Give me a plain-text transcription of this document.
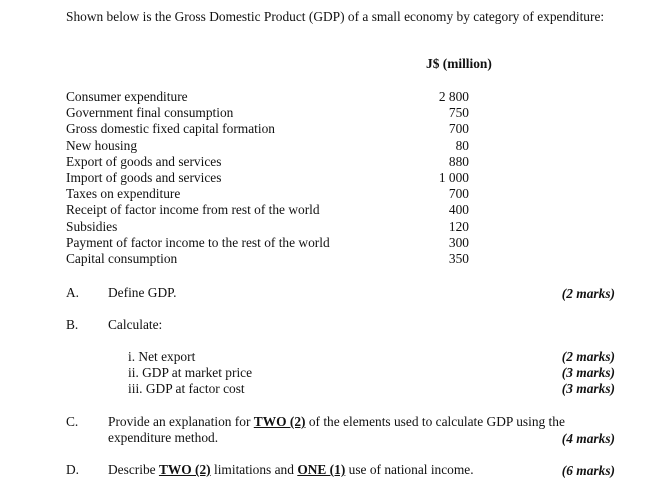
Shown below is the Gross Domestic Product (GDP) of a small economy by category of expenditure:
J$ (million)
Consumer expenditure	2 800
Government final consumption	750
Gross domestic fixed capital formation	700
New housing	80
Export of goods and services	880
Import of goods and services	1 000
Taxes on expenditure	700
Receipt of factor income from rest of the world	400
Subsidies	120
Payment of factor income to the rest of the world	300
Capital consumption	350
A. Define GDP.	(2 marks)
B. Calculate:
i. Net export	(2 marks)
ii. GDP at market price	(3 marks)
iii. GDP at factor cost	(3 marks)
C. Provide an explanation for TWO (2) of the elements used to calculate GDP using the
expenditure method.	(4 marks)
D. Describe TWO (2) limitations and ONE (1) use of national income.	(6 marks)
